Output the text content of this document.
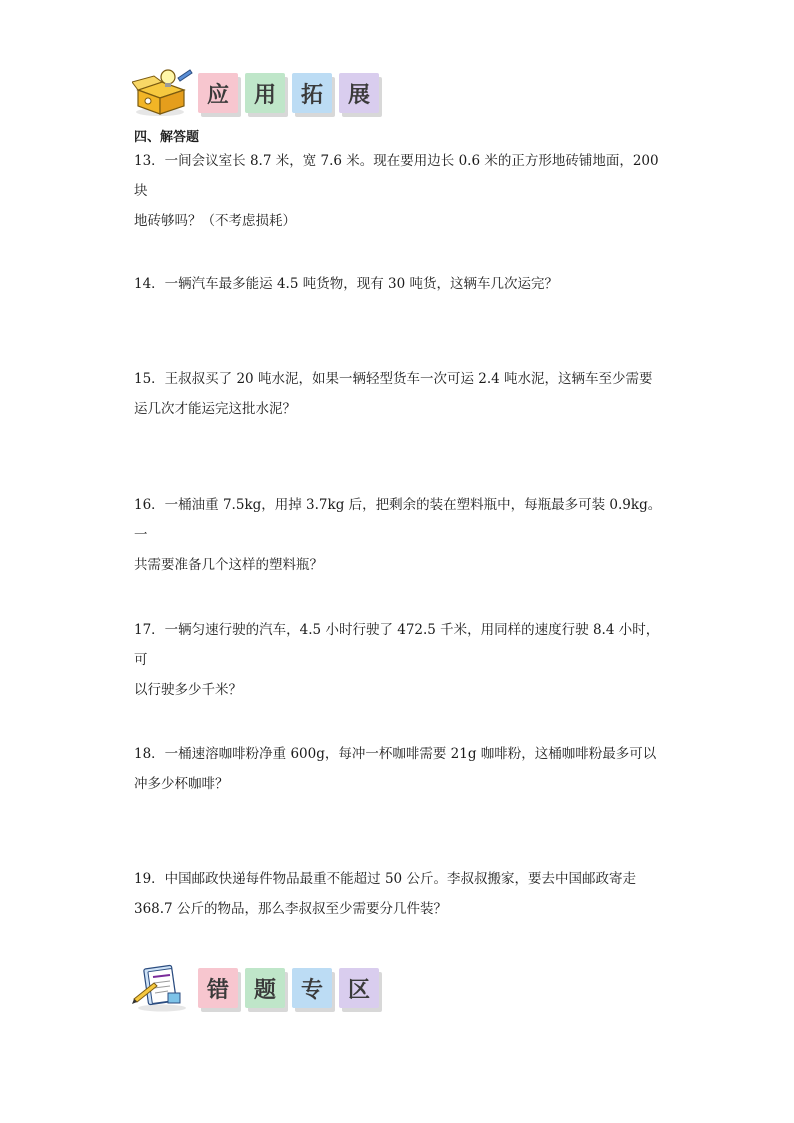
应	用	拓	展
四、解答题
13．一间会议室长 8.7 米，宽 7.6 米。现在要用边长 0.6 米的正方形地砖铺地面，200 块
地砖够吗？（不考虑损耗）
14．一辆汽车最多能运 4.5 吨货物，现有 30 吨货，这辆车几次运完？
15．王叔叔买了 20 吨水泥，如果一辆轻型货车一次可运 2.4 吨水泥，这辆车至少需要
运几次才能运完这批水泥？
16．一桶油重 7.5kg，用掉 3.7kg 后，把剩余的装在塑料瓶中，每瓶最多可装 0.9kg。一
共需要准备几个这样的塑料瓶？
17．一辆匀速行驶的汽车，4.5 小时行驶了 472.5 千米，用同样的速度行驶 8.4 小时，可
以行驶多少千米？
18．一桶速溶咖啡粉净重 600g，每冲一杯咖啡需要 21g 咖啡粉，这桶咖啡粉最多可以
冲多少杯咖啡？
19．中国邮政快递每件物品最重不能超过 50 公斤。李叔叔搬家，要去中国邮政寄走
368.7 公斤的物品，那么李叔叔至少需要分几件装？
错	题	专	区
